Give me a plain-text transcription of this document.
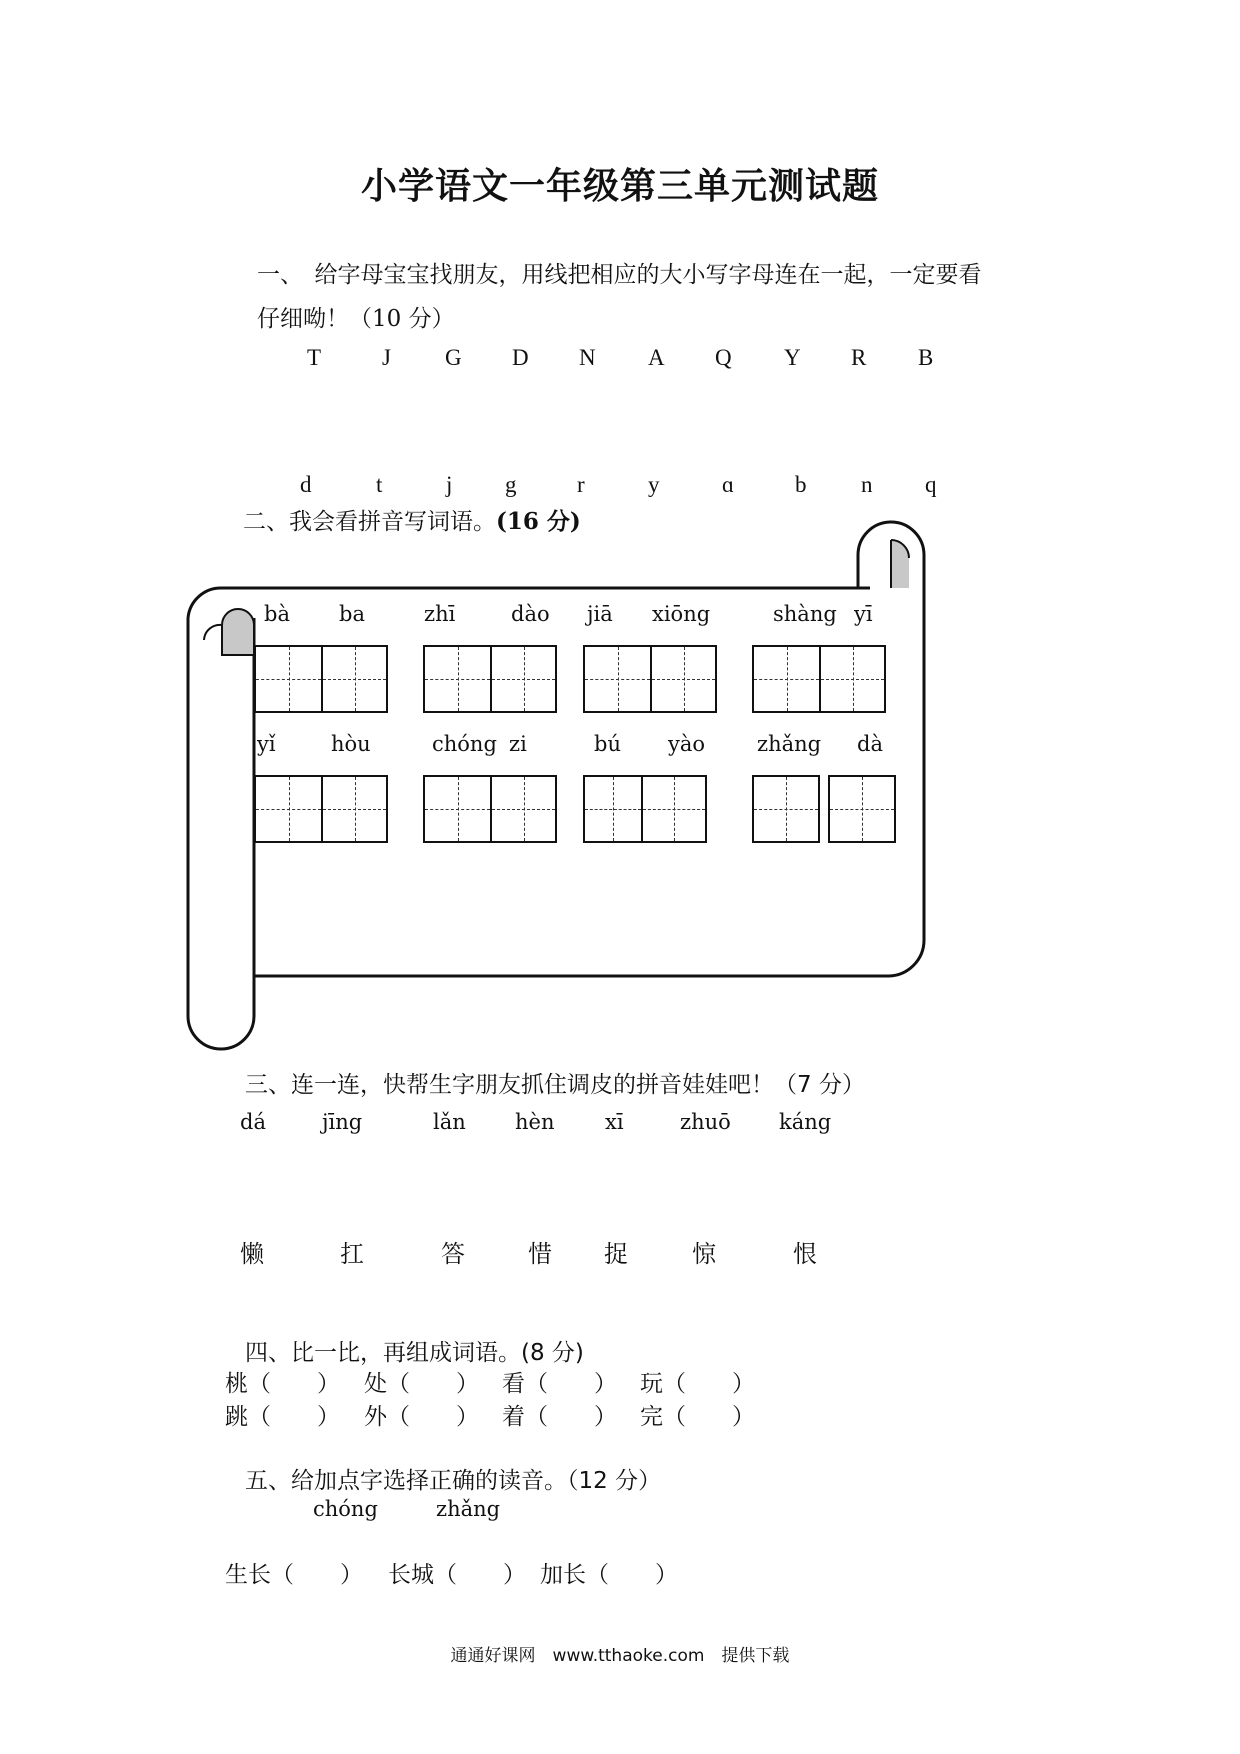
小学语文一年级第三单元测试题
一、　给字母宝宝找朋友，用线把相应的大小写字母连在一起，一定要看
仔细呦！（10 分）
T	J G D N A Q Y R B
d	t	j g	r	y	ɑ	b n q
二、我会看拼音写词语。(16 分)
bà ba	zhī	dào jiā xiōng	shàng yī
yǐ	hòu	chóng zi	bú yào zhǎng dà
三、连一连，快帮生字朋友抓住调皮的拼音娃娃吧！（7 分）
dá	jīng	lǎn hèn xī	zhuō káng
懒	扛	答	惜 捉	惊	恨
四、比一比，再组成词语。(8 分)
桃（　　） 处（　　） 看（　　） 玩（　　）
跳（　　） 外（　　） 着（　　） 完（　　）
五、给加点字选择正确的读音。（12 分）
chóng	zhǎng
生长（　　） 长城（　　） 加长（　　）
通通好课网　www.tthaoke.com　提供下载
